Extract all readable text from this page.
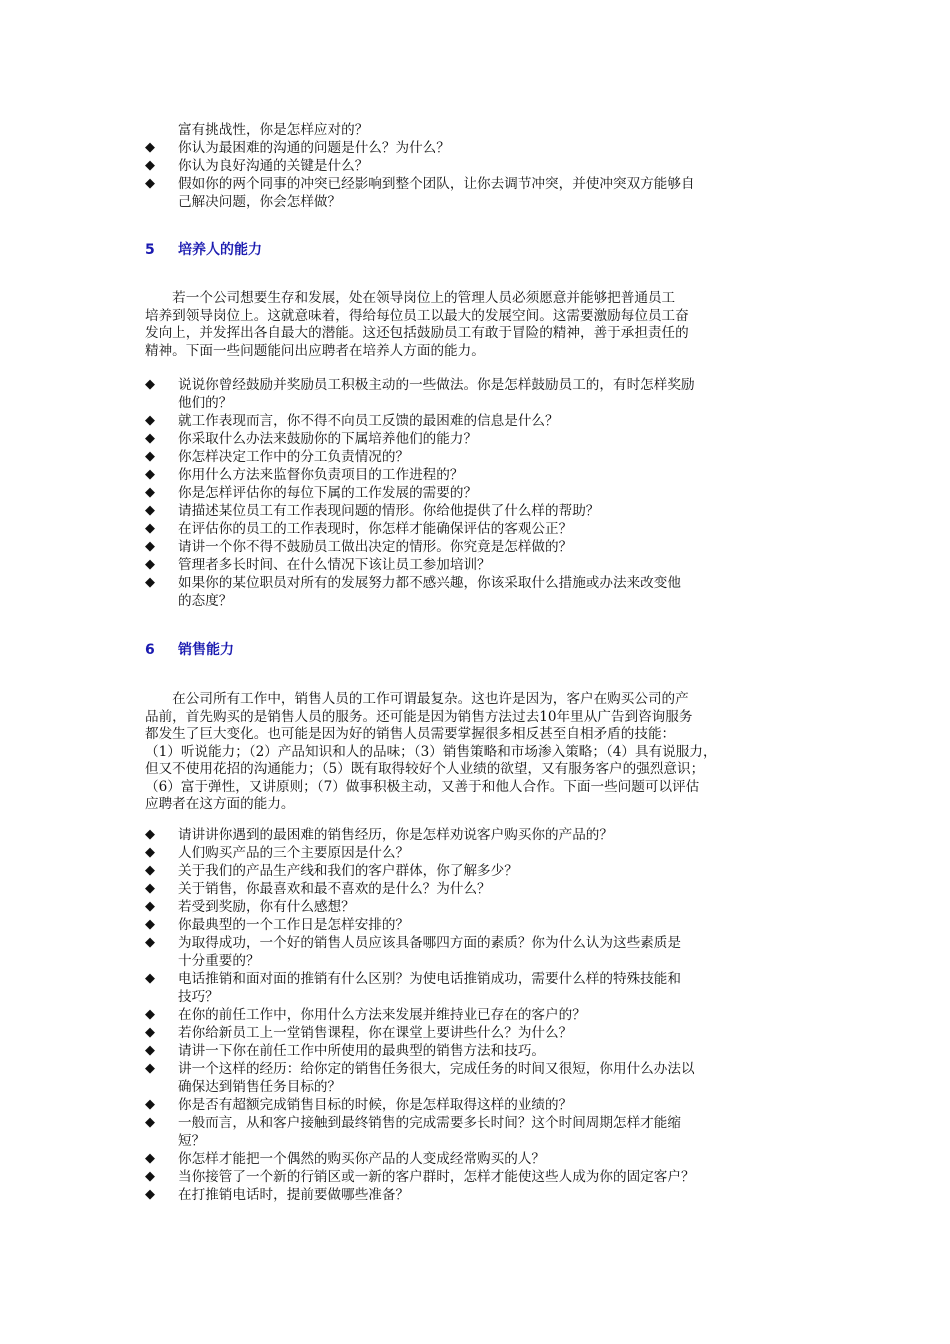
富有挑战性，你是怎样应对的？
◆ 你认为最困难的沟通的问题是什么？为什么？
◆ 你认为良好沟通的关键是什么？
◆ 假如你的两个同事的冲突已经影响到整个团队，让你去调节冲突，并使冲突双方能够自
己解决问题，你会怎样做？
5 培养人的能力
　　若一个公司想要生存和发展，处在领导岗位上的管理人员必须愿意并能够把普通员工
培养到领导岗位上。这就意味着，得给每位员工以最大的发展空间。这需要激励每位员工奋
发向上，并发挥出各自最大的潜能。这还包括鼓励员工有敢于冒险的精神，善于承担责任的
精神。下面一些问题能问出应聘者在培养人方面的能力。
◆ 说说你曾经鼓励并奖励员工积极主动的一些做法。你是怎样鼓励员工的，有时怎样奖励
他们的？
◆ 就工作表现而言，你不得不向员工反馈的最困难的信息是什么？
◆ 你采取什么办法来鼓励你的下属培养他们的能力？
◆ 你怎样决定工作中的分工负责情况的？
◆ 你用什么方法来监督你负责项目的工作进程的？
◆ 你是怎样评估你的每位下属的工作发展的需要的？
◆ 请描述某位员工有工作表现问题的情形。你给他提供了什么样的帮助？
◆ 在评估你的员工的工作表现时，你怎样才能确保评估的客观公正？
◆ 请讲一个你不得不鼓励员工做出决定的情形。你究竟是怎样做的？
◆ 管理者多长时间、在什么情况下该让员工参加培训？
◆ 如果你的某位职员对所有的发展努力都不感兴趣，你该采取什么措施或办法来改变他
的态度？
6 销售能力
　　在公司所有工作中，销售人员的工作可谓最复杂。这也许是因为，客户在购买公司的产
品前，首先购买的是销售人员的服务。还可能是因为销售方法过去10年里从广告到咨询服务
都发生了巨大变化。也可能是因为好的销售人员需要掌握很多相反甚至自相矛盾的技能：
（1）听说能力；（2）产品知识和人的品味；（3）销售策略和市场渗入策略；（4）具有说服力，
但又不使用花招的沟通能力；（5）既有取得较好个人业绩的欲望，又有服务客户的强烈意识；
（6）富于弹性，又讲原则；（7）做事积极主动，又善于和他人合作。下面一些问题可以评估
应聘者在这方面的能力。
◆ 请讲讲你遇到的最困难的销售经历，你是怎样劝说客户购买你的产品的？
◆ 人们购买产品的三个主要原因是什么？
◆ 关于我们的产品生产线和我们的客户群体，你了解多少？
◆ 关于销售，你最喜欢和最不喜欢的是什么？为什么？
◆ 若受到奖励，你有什么感想？
◆ 你最典型的一个工作日是怎样安排的？
◆ 为取得成功，一个好的销售人员应该具备哪四方面的素质？你为什么认为这些素质是
十分重要的？
◆ 电话推销和面对面的推销有什么区别？为使电话推销成功，需要什么样的特殊技能和
技巧？
◆ 在你的前任工作中，你用什么方法来发展并维持业已存在的客户的？
◆ 若你给新员工上一堂销售课程，你在课堂上要讲些什么？为什么？
◆ 请讲一下你在前任工作中所使用的最典型的销售方法和技巧。
◆ 讲一个这样的经历：给你定的销售任务很大，完成任务的时间又很短，你用什么办法以
确保达到销售任务目标的？
◆ 你是否有超额完成销售目标的时候，你是怎样取得这样的业绩的？
◆ 一般而言，从和客户接触到最终销售的完成需要多长时间？这个时间周期怎样才能缩
短？
◆ 你怎样才能把一个偶然的购买你产品的人变成经常购买的人？
◆ 当你接管了一个新的行销区或一新的客户群时，怎样才能使这些人成为你的固定客户？
◆ 在打推销电话时，提前要做哪些准备？
